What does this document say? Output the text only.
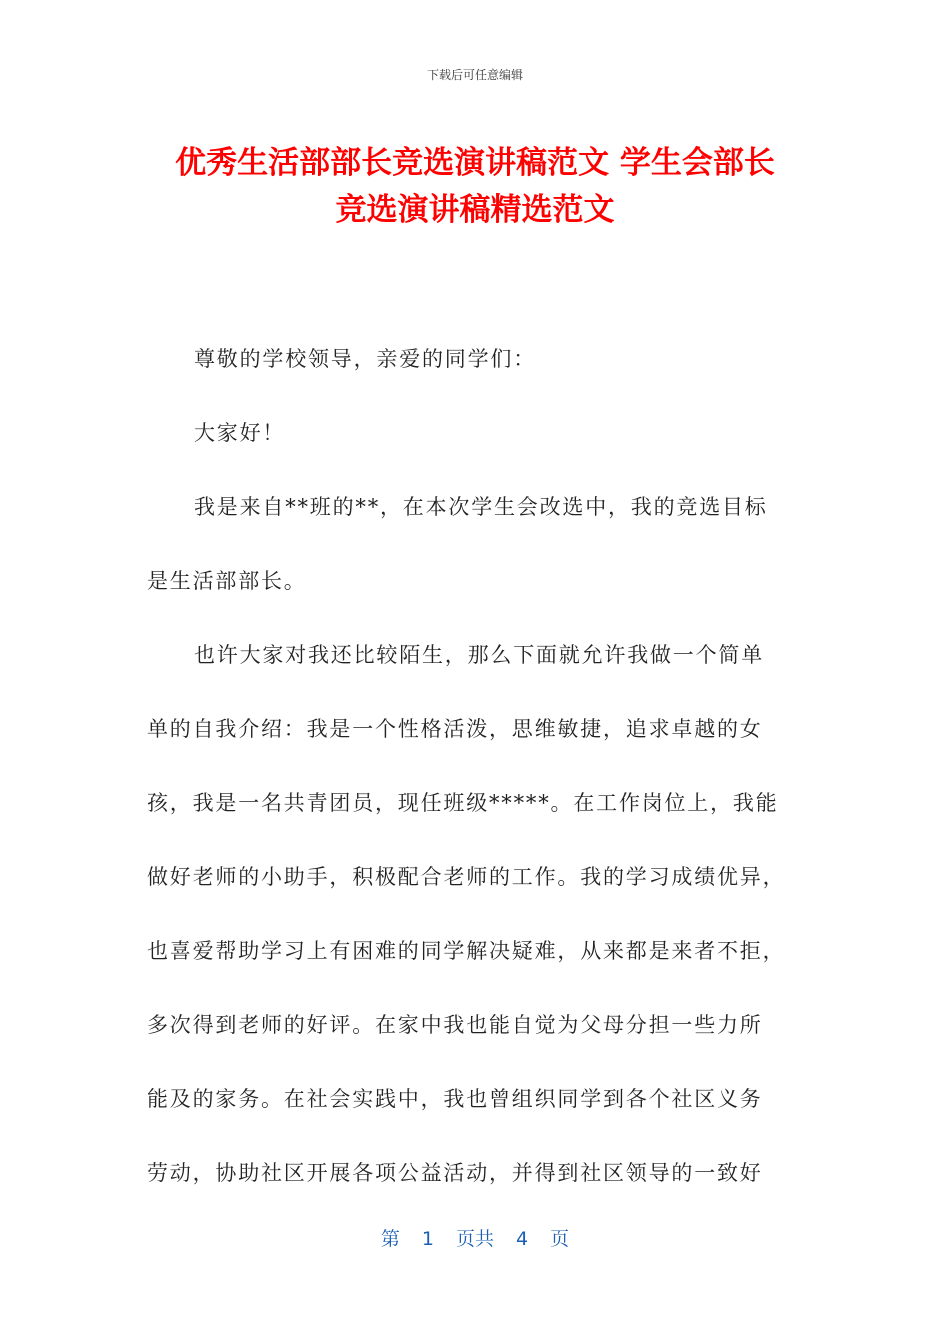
下载后可任意编辑
优秀生活部部长竞选演讲稿范文 学生会部长
竞选演讲稿精选范文
尊敬的学校领导，亲爱的同学们：
大家好！
我是来自**班的**，在本次学生会改选中，我的竞选目标
是生活部部长。
也许大家对我还比较陌生，那么下面就允许我做一个简单
单的自我介绍：我是一个性格活泼，思维敏捷，追求卓越的女
孩，我是一名共青团员，现任班级*****。在工作岗位上，我能
做好老师的小助手，积极配合老师的工作。我的学习成绩优异，
也喜爱帮助学习上有困难的同学解决疑难，从来都是来者不拒，
多次得到老师的好评。在家中我也能自觉为父母分担一些力所
能及的家务。在社会实践中，我也曾组织同学到各个社区义务
劳动，协助社区开展各项公益活动，并得到社区领导的一致好
第 1 页共 4 页
